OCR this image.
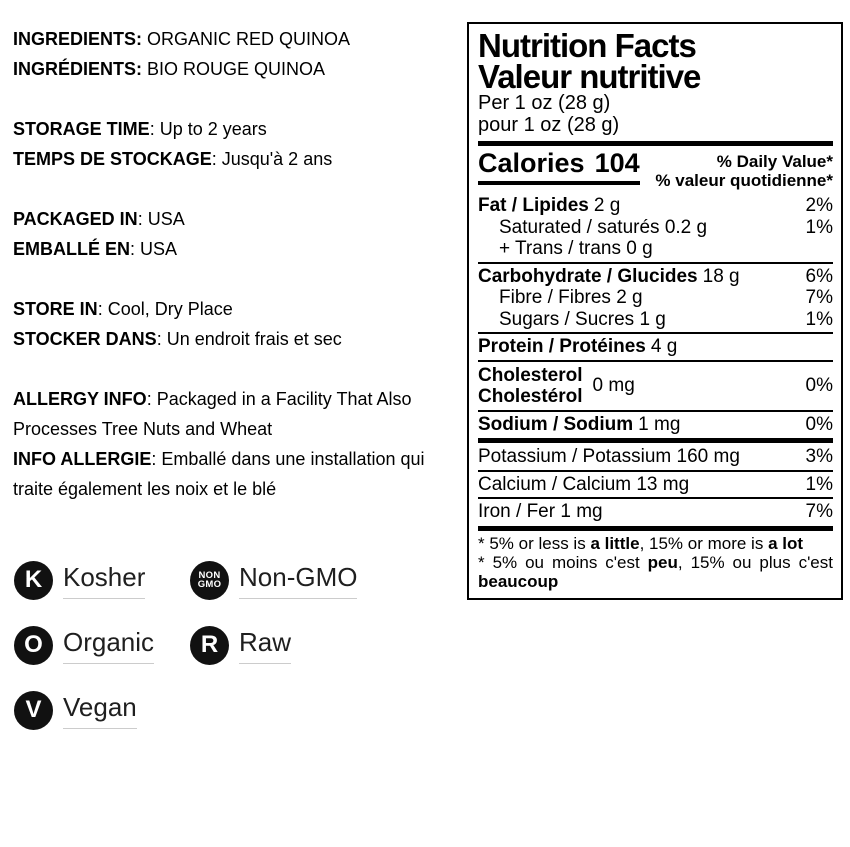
INGREDIENTS: ORGANIC RED QUINOA

INGRÉDIENTS: BIO ROUGE QUINOA

STORAGE TIME: Up to 2 years

TEMPS DE STOCKAGE: Jusqu'à 2 ans

PACKAGED IN: USA

EMBALLÉ EN: USA

STORE IN: Cool, Dry Place

STOCKER DANS: Un endroit frais et sec

ALLERGY INFO: Packaged in a Facility That Also Processes Tree Nuts and Wheat

INFO ALLERGIE: Emballé dans une installation qui traite également les noix et le blé

K Kosher	NON
GMO Non-GMO
O Organic	R Raw
V Vegan
Nutrition Facts
Valeur nutritive
Per 1 oz (28 g)
pour 1 oz (28 g)
Calories 104	% Daily Value*
% valeur quotidienne*
Fat / Lipides 2 g	2%
Saturated / saturés 0.2 g	1%
+ Trans / trans 0 g
Carbohydrate / Glucides 18 g	6%
Fibre / Fibres 2 g	7%
Sugars / Sucres 1 g	1%
Protein / Protéines 4 g
Cholesterol
Cholestérol 0 mg	0%
Sodium / Sodium 1 mg	0%
Potassium / Potassium 160 mg	3%
Calcium / Calcium 13 mg	1%
Iron / Fer 1 mg	7%
* 5% or less is a little, 15% or more is a lot
* 5% ou moins c'est peu, 15% ou plus c'est beaucoup
